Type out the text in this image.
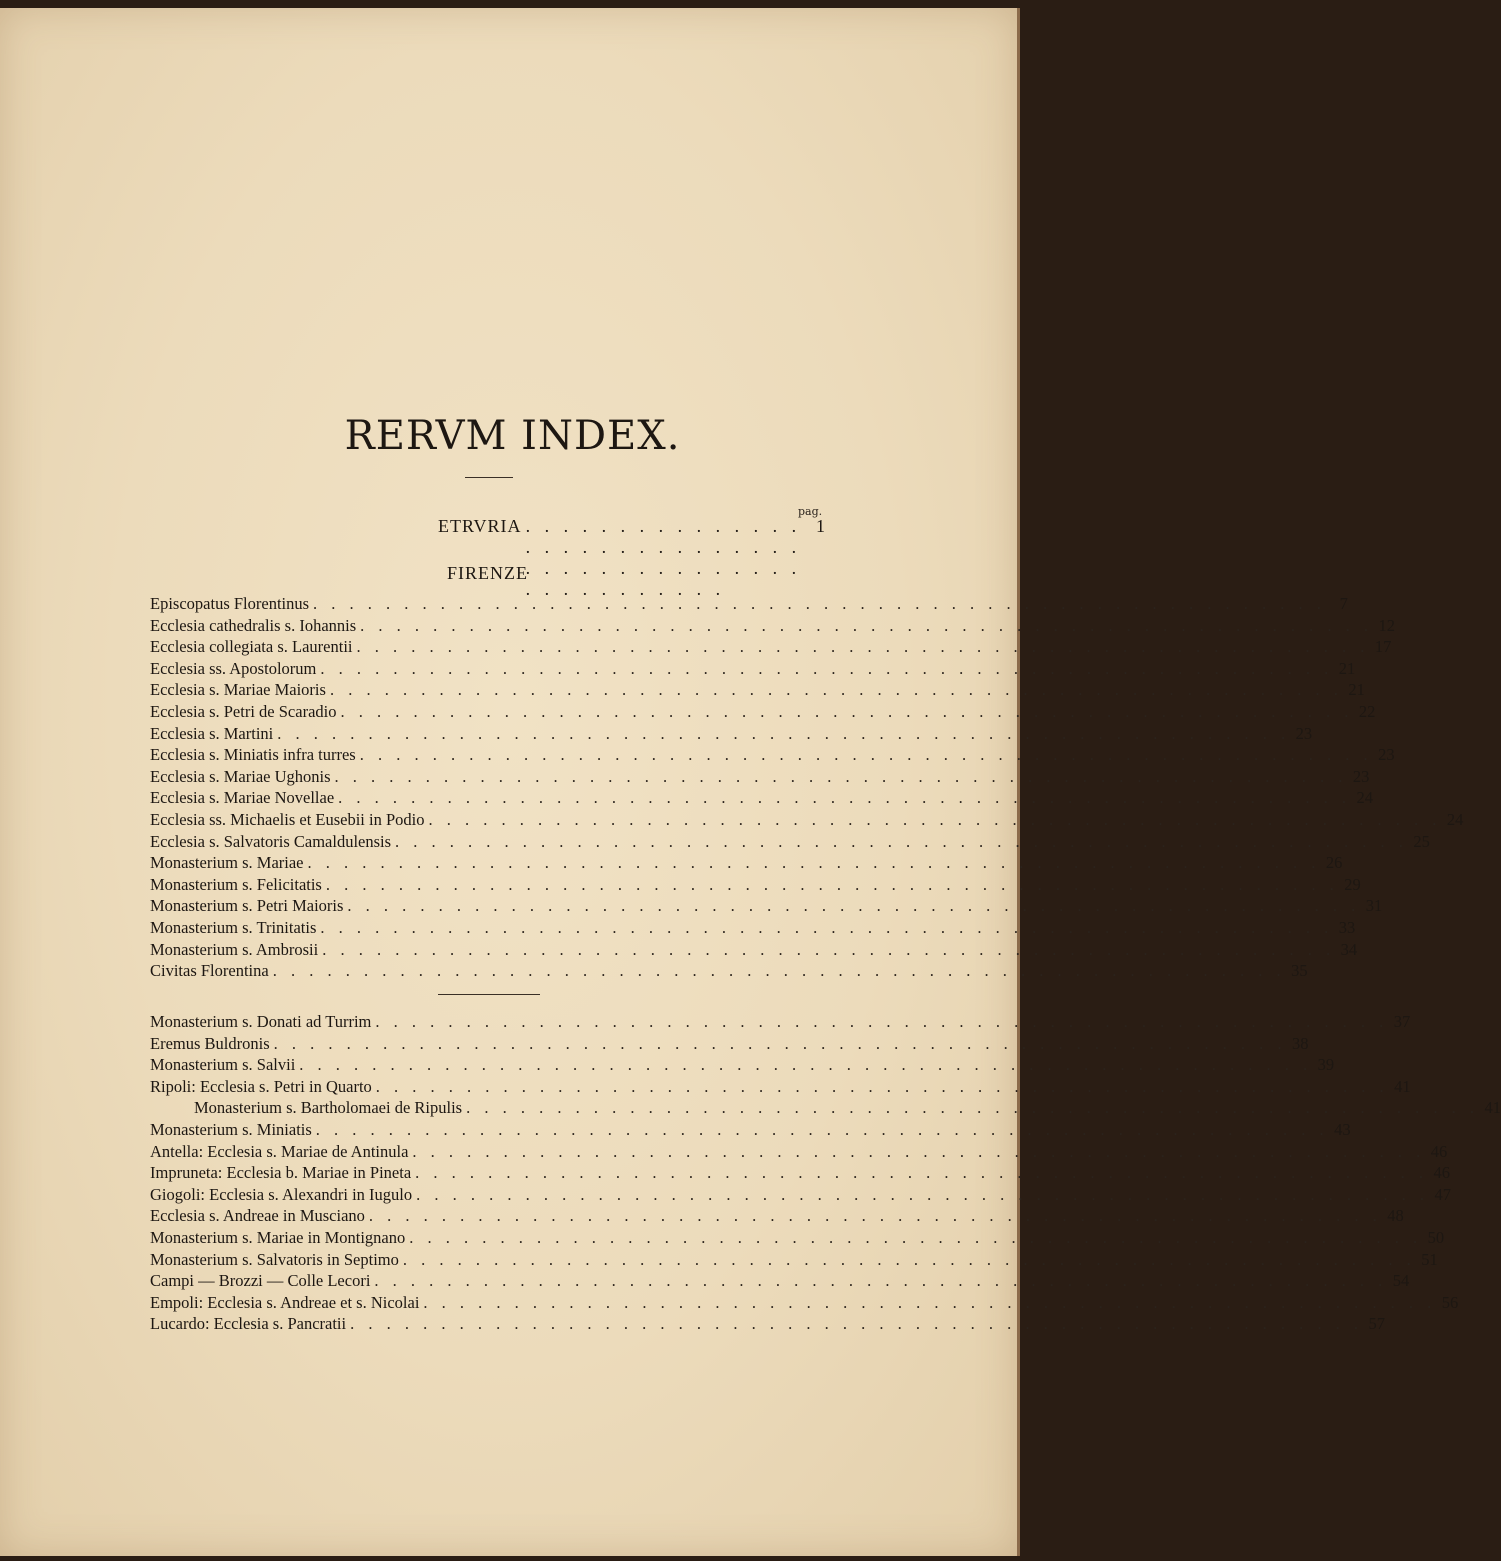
RERVM INDEX.
pag.
ETRVRIA . . . . . . . . . . . . . . . . . . . . . . . . . . . . . . . . . . . . . . . . . . . . . . . . . . . . . . . .
1
FIRENZE
Episcopatus Florentinus . . . . . . . . . . . . . . . . . . . . . . . . . . . . . . . . . . . . . . . . . . . . . . . . . . . . . . . . 7
Ecclesia cathedralis s. Iohannis . . . . . . . . . . . . . . . . . . . . . . . . . . . . . . . . . . . . . . . . . . . . . . . . . . . . . . . . 12
Ecclesia collegiata s. Laurentii . . . . . . . . . . . . . . . . . . . . . . . . . . . . . . . . . . . . . . . . . . . . . . . . . . . . . . . . 17
Ecclesia ss. Apostolorum . . . . . . . . . . . . . . . . . . . . . . . . . . . . . . . . . . . . . . . . . . . . . . . . . . . . . . . . 21
Ecclesia s. Mariae Maioris . . . . . . . . . . . . . . . . . . . . . . . . . . . . . . . . . . . . . . . . . . . . . . . . . . . . . . . . 21
Ecclesia s. Petri de Scaradio . . . . . . . . . . . . . . . . . . . . . . . . . . . . . . . . . . . . . . . . . . . . . . . . . . . . . . . . 22
Ecclesia s. Martini . . . . . . . . . . . . . . . . . . . . . . . . . . . . . . . . . . . . . . . . . . . . . . . . . . . . . . . . 23
Ecclesia s. Miniatis infra turres . . . . . . . . . . . . . . . . . . . . . . . . . . . . . . . . . . . . . . . . . . . . . . . . . . . . . . . . 23
Ecclesia s. Mariae Ughonis . . . . . . . . . . . . . . . . . . . . . . . . . . . . . . . . . . . . . . . . . . . . . . . . . . . . . . . . 23
Ecclesia s. Mariae Novellae . . . . . . . . . . . . . . . . . . . . . . . . . . . . . . . . . . . . . . . . . . . . . . . . . . . . . . . . 24
Ecclesia ss. Michaelis et Eusebii in Podio . . . . . . . . . . . . . . . . . . . . . . . . . . . . . . . . . . . . . . . . . . . . . . . . . . . . . . . . 24
Ecclesia s. Salvatoris Camaldulensis . . . . . . . . . . . . . . . . . . . . . . . . . . . . . . . . . . . . . . . . . . . . . . . . . . . . . . . . 25
Monasterium s. Mariae . . . . . . . . . . . . . . . . . . . . . . . . . . . . . . . . . . . . . . . . . . . . . . . . . . . . . . . . 26
Monasterium s. Felicitatis . . . . . . . . . . . . . . . . . . . . . . . . . . . . . . . . . . . . . . . . . . . . . . . . . . . . . . . . 29
Monasterium s. Petri Maioris . . . . . . . . . . . . . . . . . . . . . . . . . . . . . . . . . . . . . . . . . . . . . . . . . . . . . . . . 31
Monasterium s. Trinitatis . . . . . . . . . . . . . . . . . . . . . . . . . . . . . . . . . . . . . . . . . . . . . . . . . . . . . . . . 33
Monasterium s. Ambrosii . . . . . . . . . . . . . . . . . . . . . . . . . . . . . . . . . . . . . . . . . . . . . . . . . . . . . . . . 34
Civitas Florentina . . . . . . . . . . . . . . . . . . . . . . . . . . . . . . . . . . . . . . . . . . . . . . . . . . . . . . . . 35
Monasterium s. Donati ad Turrim . . . . . . . . . . . . . . . . . . . . . . . . . . . . . . . . . . . . . . . . . . . . . . . . . . . . . . . . 37
Eremus Buldronis . . . . . . . . . . . . . . . . . . . . . . . . . . . . . . . . . . . . . . . . . . . . . . . . . . . . . . . . 38
Monasterium s. Salvii . . . . . . . . . . . . . . . . . . . . . . . . . . . . . . . . . . . . . . . . . . . . . . . . . . . . . . . . 39
Ripoli: Ecclesia s. Petri in Quarto . . . . . . . . . . . . . . . . . . . . . . . . . . . . . . . . . . . . . . . . . . . . . . . . . . . . . . . . 41
Monasterium s. Bartholomaei de Ripulis . . . . . . . . . . . . . . . . . . . . . . . . . . . . . . . . . . . . . . . . . . . . . . . . . . . . . . . . 41
Monasterium s. Miniatis . . . . . . . . . . . . . . . . . . . . . . . . . . . . . . . . . . . . . . . . . . . . . . . . . . . . . . . . 43
Antella: Ecclesia s. Mariae de Antinula . . . . . . . . . . . . . . . . . . . . . . . . . . . . . . . . . . . . . . . . . . . . . . . . . . . . . . . . 46
Impruneta: Ecclesia b. Mariae in Pineta . . . . . . . . . . . . . . . . . . . . . . . . . . . . . . . . . . . . . . . . . . . . . . . . . . . . . . . . 46
Giogoli: Ecclesia s. Alexandri in Iugulo . . . . . . . . . . . . . . . . . . . . . . . . . . . . . . . . . . . . . . . . . . . . . . . . . . . . . . . . 47
Ecclesia s. Andreae in Musciano . . . . . . . . . . . . . . . . . . . . . . . . . . . . . . . . . . . . . . . . . . . . . . . . . . . . . . . . 48
Monasterium s. Mariae in Montignano . . . . . . . . . . . . . . . . . . . . . . . . . . . . . . . . . . . . . . . . . . . . . . . . . . . . . . . . 50
Monasterium s. Salvatoris in Septimo . . . . . . . . . . . . . . . . . . . . . . . . . . . . . . . . . . . . . . . . . . . . . . . . . . . . . . . . 51
Campi — Brozzi — Colle Lecori . . . . . . . . . . . . . . . . . . . . . . . . . . . . . . . . . . . . . . . . . . . . . . . . . . . . . . . . 54
Empoli: Ecclesia s. Andreae et s. Nicolai . . . . . . . . . . . . . . . . . . . . . . . . . . . . . . . . . . . . . . . . . . . . . . . . . . . . . . . . 56
Lucardo: Ecclesia s. Pancratii . . . . . . . . . . . . . . . . . . . . . . . . . . . . . . . . . . . . . . . . . . . . . . . . . . . . . . . . 57
